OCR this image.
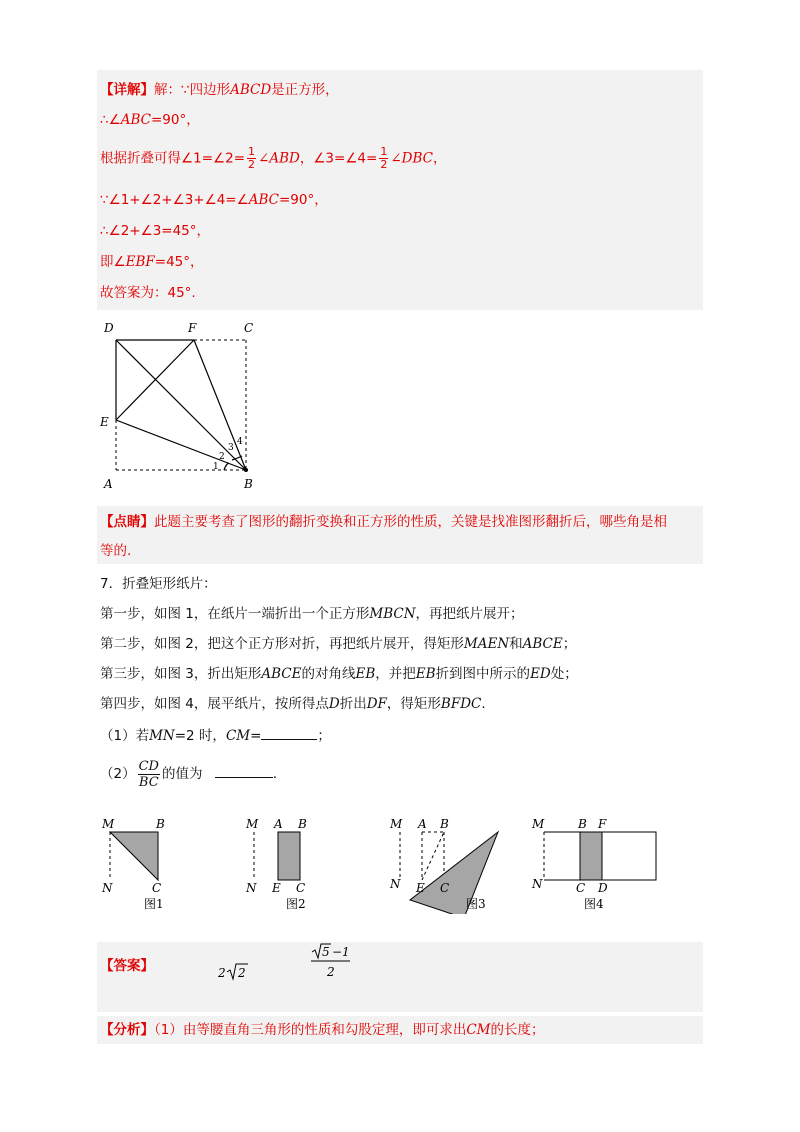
【详解】解：∵四边形ABCD是正方形，
∴∠ABC=90°，
根据折叠可得∠1=∠2= $\frac{1}{2}$ ∠ABD，∠3=∠4= $\frac{1}{2}$ ∠DBC，
∵∠1+∠2+∠3+∠4=∠ABC=90°，
∴∠2+∠3=45°，
即∠EBF=45°，
故答案为：45°.
D	F	C
E
A	B
1
2
3
4
【点睛】此题主要考查了图形的翻折变换和正方形的性质，关键是找准图形翻折后，哪些角是相
等的.
7．折叠矩形纸片：
第一步，如图 1，在纸片一端折出一个正方形MBCN，再把纸片展开；
第二步，如图 2，把这个正方形对折，再把纸片展开，得矩形MAEN和ABCE；
第三步，如图 3，折出矩形ABCE的对角线EB，并把EB折到图中所示的ED处；
第四步，如图 4，展平纸片，按所得点D折出DF，得矩形BFDC.
（1）若MN=2 时，CM=	；
$(2) \frac{CD}{BC}$ 的值为	.
M	B
N	C
图1
M A B
N E C
图2
M A B
N E C
图3
M	B F
N	C D
图4
【答案】	2 2
5 −1
2
【分析】（1）由等腰直角三角形的性质和勾股定理，即可求出CM的长度；
